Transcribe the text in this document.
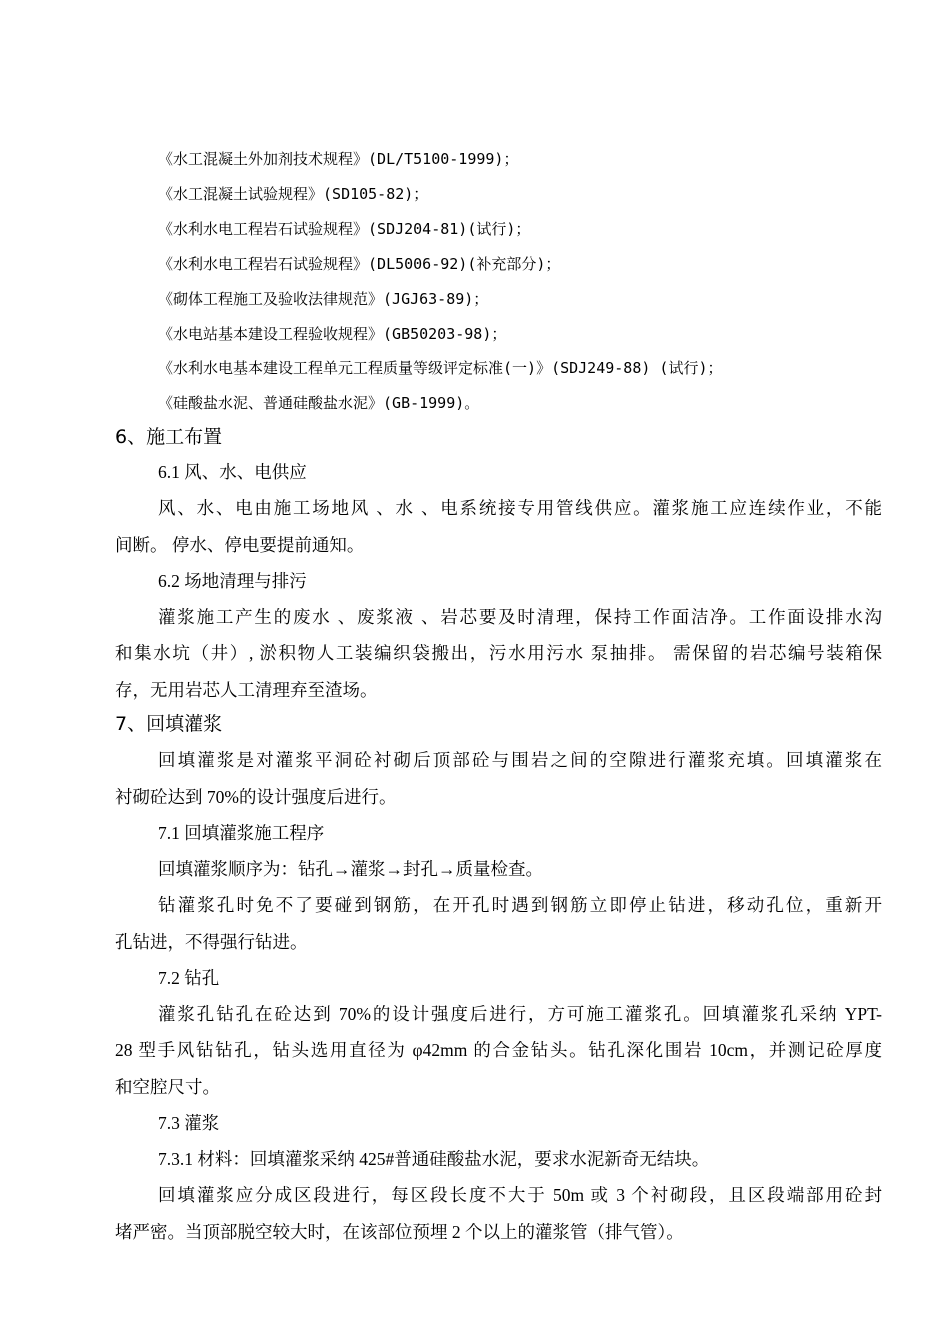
《水工混凝土外加剂技术规程》(DL/T5100-1999)；
《水工混凝土试验规程》(SD105-82)；
《水利水电工程岩石试验规程》(SDJ204-81)(试行)；
《水利水电工程岩石试验规程》(DL5006-92)(补充部分)；
《砌体工程施工及验收法律规范》(JGJ63-89)；
《水电站基本建设工程验收规程》(GB50203-98)；
《水利水电基本建设工程单元工程质量等级评定标准(一)》(SDJ249-88) (试行)；
《硅酸盐水泥、普通硅酸盐水泥》(GB-1999)。
6、施工布置
6.1 风、水、电供应
风、水、电由施工场地风 、水 、电系统接专用管线供应。灌浆施工应连续作业，不能
间断。 停水、停电要提前通知。
6.2 场地清理与排污
灌浆施工产生的废水 、废浆液 、岩芯要及时清理，保持工作面洁净。工作面设排水沟
和集水坑（井）, 淤积物人工装编织袋搬出，污水用污水 泵抽排。 需保留的岩芯编号装箱保
存，无用岩芯人工清理弃至渣场。
7、回填灌浆
回填灌浆是对灌浆平洞砼衬砌后顶部砼与围岩之间的空隙进行灌浆充填。回填灌浆在
衬砌砼达到 70%的设计强度后进行。
7.1 回填灌浆施工程序
回填灌浆顺序为：钻孔→灌浆→封孔→质量检查。
钻灌浆孔时免不了要碰到钢筋，在开孔时遇到钢筋立即停止钻进，移动孔位，重新开
孔钻进，不得强行钻进。
7.2 钻孔
灌浆孔钻孔在砼达到 70%的设计强度后进行，方可施工灌浆孔。回填灌浆孔采纳 YPT-
28 型手风钻钻孔，钻头选用直径为 φ42mm 的合金钻头。钻孔深化围岩 10cm，并测记砼厚度
和空腔尺寸。
7.3 灌浆
7.3.1 材料：回填灌浆采纳 425#普通硅酸盐水泥，要求水泥新奇无结块。
回填灌浆应分成区段进行，每区段长度不大于 50m 或 3 个衬砌段，且区段端部用砼封
堵严密。当顶部脱空较大时，在该部位预埋 2 个以上的灌浆管（排气管）。
